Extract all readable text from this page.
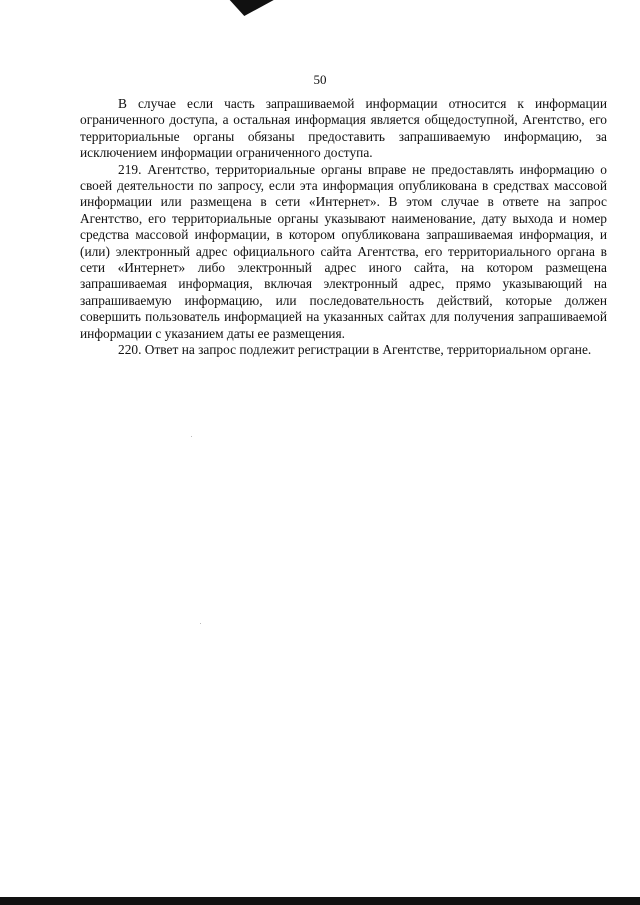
50

В случае если часть запрашиваемой информации относится к информации ограниченного доступа, а остальная информация является общедоступной, Агентство, его территориальные органы обязаны предоставить запрашиваемую информацию, за исключением информации ограниченного доступа.

219. Агентство, территориальные органы вправе не предоставлять информацию о своей деятельности по запросу, если эта информация опубликована в средствах массовой информации или размещена в сети «Интернет». В этом случае в ответе на запрос Агентство, его территориальные органы указывают наименование, дату выхода и номер средства массовой информации, в котором опубликована запрашиваемая информация, и (или) электронный адрес официального сайта Агентства, его территориального органа в сети «Интернет» либо электронный адрес иного сайта, на котором размещена запрашиваемая информация, включая электронный адрес, прямо указывающий на запрашиваемую информацию, или последовательность действий, которые должен совершить пользователь информацией на указанных сайтах для получения запрашиваемой информации с указанием даты ее размещения.

220. Ответ на запрос подлежит регистрации в Агентстве, территориальном органе.
